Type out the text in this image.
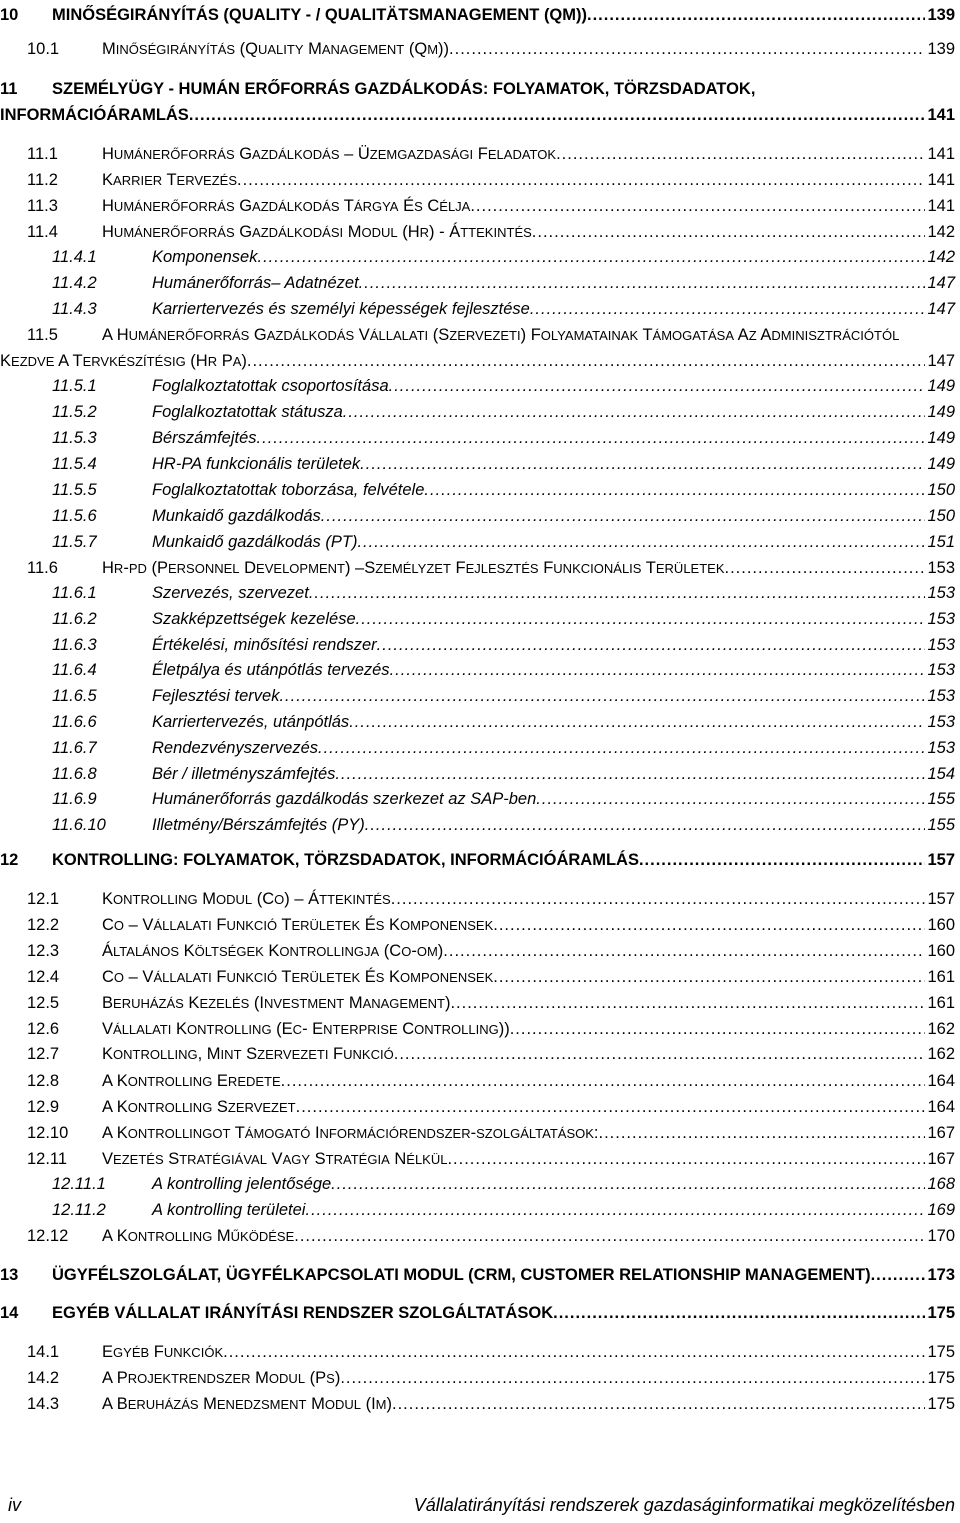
10 MINŐSÉGIRÁNYÍTÁS (QUALITY - / QUALITÄTSMANAGEMENT (QM)) .....	139
10.1	MINŐSÉGIRÁNYÍTÁS (QUALITY MANAGEMENT (QM)) .....	139
11 SZEMÉLYÜGY - HUMÁN ERŐFORRÁS GAZDÁLKODÁS: FOLYAMATOK, TÖRZSDADATOK,
INFORMÁCIÓÁRAMLÁS .....	141
11.1	HUMÁNERŐFORRÁS GAZDÁLKODÁS – ÜZEMGAZDASÁGI FELADATOK .....	141
11.2	KARRIER TERVEZÉS .....	141
11.3	HUMÁNERŐFORRÁS GAZDÁLKODÁS TÁRGYA ÉS CÉLJA .....	141
11.4	HUMÁNERŐFORRÁS GAZDÁLKODÁSI MODUL (HR) - ÁTTEKINTÉS .....	142
11.4.1	Komponensek .....	142
11.4.2	Humánerőforrás– Adatnézet .....	147
11.4.3	Karriertervezés és személyi képességek fejlesztése .....	147
11.5	A HUMÁNERŐFORRÁS GAZDÁLKODÁS VÁLLALATI (SZERVEZETI) FOLYAMATAINAK TÁMOGATÁSA AZ ADMINISZTRÁCIÓTÓL
KEZDVE A TERVKÉSZÍTÉSIG (HR PA) .....	147
11.5.1	Foglalkoztatottak csoportosítása .....	149
11.5.2	Foglalkoztatottak státusza .....	149
11.5.3	Bérszámfejtés .....	149
11.5.4	HR-PA funkcionális területek .....	149
11.5.5	Foglalkoztatottak toborzása, felvétele .....	150
11.5.6	Munkaidő gazdálkodás .....	150
11.5.7	Munkaidő gazdálkodás (PT) .....	151
11.6	HR-PD (PERSONNEL DEVELOPMENT) –SZEMÉLYZET FEJLESZTÉS FUNKCIONÁLIS TERÜLETEK .....	153
11.6.1	Szervezés, szervezet .....	153
11.6.2	Szakképzettségek kezelése .....	153
11.6.3	Értékelési, minősítési rendszer .....	153
11.6.4	Életpálya és utánpótlás tervezés .....	153
11.6.5	Fejlesztési tervek .....	153
11.6.6	Karriertervezés, utánpótlás .....	153
11.6.7	Rendezvényszervezés .....	153
11.6.8	Bér / illetményszámfejtés .....	154
11.6.9	Humánerőforrás gazdálkodás szerkezet az SAP-ben .....	155
11.6.10	Illetmény/Bérszámfejtés (PY) .....	155
12 KONTROLLING: FOLYAMATOK, TÖRZSDADATOK, INFORMÁCIÓÁRAMLÁS .....	157
12.1	KONTROLLING MODUL (CO) – ÁTTEKINTÉS .....	157
12.2	CO – VÁLLALATI FUNKCIÓ TERÜLETEK ÉS KOMPONENSEK .....	160
12.3	ÁLTALÁNOS KÖLTSÉGEK KONTROLLINGJA (CO-OM) .....	160
12.4	CO – VÁLLALATI FUNKCIÓ TERÜLETEK ÉS KOMPONENSEK .....	161
12.5	BERUHÁZÁS KEZELÉS (INVESTMENT MANAGEMENT) .....	161
12.6	VÁLLALATI KONTROLLING (EC- ENTERPRISE CONTROLLING)) .....	162
12.7	KONTROLLING, MINT SZERVEZETI FUNKCIÓ .....	162
12.8	A KONTROLLING EREDETE .....	164
12.9	A KONTROLLING SZERVEZET .....	164
12.10 A KONTROLLINGOT TÁMOGATÓ INFORMÁCIÓRENDSZER-SZOLGÁLTATÁSOK: .....	167
12.11 VEZETÉS STRATÉGIÁVAL VAGY STRATÉGIA NÉLKÜL .....	167
12.11.1	A kontrolling jelentősége .....	168
12.11.2	A kontrolling területei .....	169
12.12 A KONTROLLING MŰKÖDÉSE .....	170
13 ÜGYFÉLSZOLGÁLAT, ÜGYFÉLKAPCSOLATI MODUL (CRM, CUSTOMER RELATIONSHIP MANAGEMENT) .....	173
14 EGYÉB VÁLLALAT IRÁNYÍTÁSI RENDSZER SZOLGÁLTATÁSOK .....	175
14.1	EGYÉB FUNKCIÓK .....	175
14.2	A PROJEKTRENDSZER MODUL (PS) .....	175
14.3	A BERUHÁZÁS MENEDZSMENT MODUL (IM) .....	175
iv	Vállalatirányítási rendszerek gazdaságinformatikai megközelítésben
